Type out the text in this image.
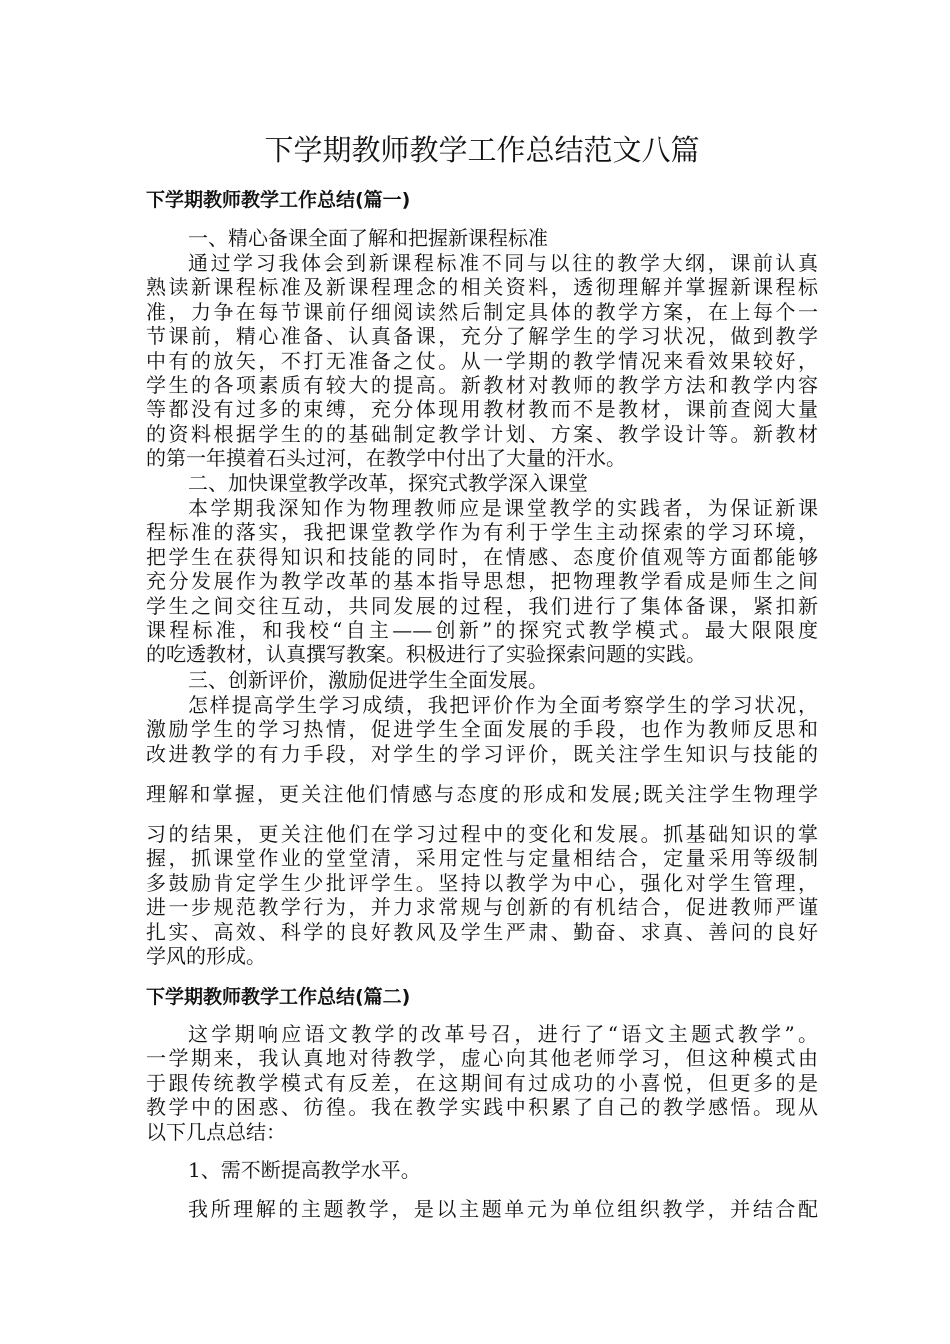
下学期教师教学工作总结范文八篇
下学期教师教学工作总结(篇一)
一、精心备课全面了解和把握新课程标准
通过学习我体会到新课程标准不同与以往的教学大纲，课前认真
熟读新课程标准及新课程理念的相关资料，透彻理解并掌握新课程标
准，力争在每节课前仔细阅读然后制定具体的教学方案，在上每个一
节课前，精心准备、认真备课，充分了解学生的学习状况，做到教学
中有的放矢，不打无准备之仗。从一学期的教学情况来看效果较好，
学生的各项素质有较大的提高。新教材对教师的教学方法和教学内容
等都没有过多的束缚，充分体现用教材教而不是教材，课前查阅大量
的资料根据学生的的基础制定教学计划、方案、教学设计等。新教材
的第一年摸着石头过河，在教学中付出了大量的汗水。
二、加快课堂教学改革，探究式教学深入课堂
本学期我深知作为物理教师应是课堂教学的实践者，为保证新课
程标准的落实，我把课堂教学作为有利于学生主动探索的学习环境，
把学生在获得知识和技能的同时，在情感、态度价值观等方面都能够
充分发展作为教学改革的基本指导思想，把物理教学看成是师生之间
学生之间交往互动，共同发展的过程，我们进行了集体备课，紧扣新
课程标准，和我校“自主——创新”的探究式教学模式。最大限限度
的吃透教材，认真撰写教案。积极进行了实验探索问题的实践。
三、创新评价，激励促进学生全面发展。
怎样提高学生学习成绩，我把评价作为全面考察学生的学习状况，
激励学生的学习热情，促进学生全面发展的手段，也作为教师反思和
改进教学的有力手段，对学生的学习评价，既关注学生知识与技能的
理解和掌握，更关注他们情感与态度的形成和发展;既关注学生物理学
习的结果，更关注他们在学习过程中的变化和发展。抓基础知识的掌
握，抓课堂作业的堂堂清，采用定性与定量相结合，定量采用等级制
多鼓励肯定学生少批评学生。坚持以教学为中心，强化对学生管理，
进一步规范教学行为，并力求常规与创新的有机结合，促进教师严谨
扎实、高效、科学的良好教风及学生严肃、勤奋、求真、善问的良好
学风的形成。
下学期教师教学工作总结(篇二)
这学期响应语文教学的改革号召，进行了“语文主题式教学”。
一学期来，我认真地对待教学，虚心向其他老师学习，但这种模式由
于跟传统教学模式有反差，在这期间有过成功的小喜悦，但更多的是
教学中的困惑、彷徨。我在教学实践中积累了自己的教学感悟。现从
以下几点总结：
1、需不断提高教学水平。
我所理解的主题教学，是以主题单元为单位组织教学，并结合配
